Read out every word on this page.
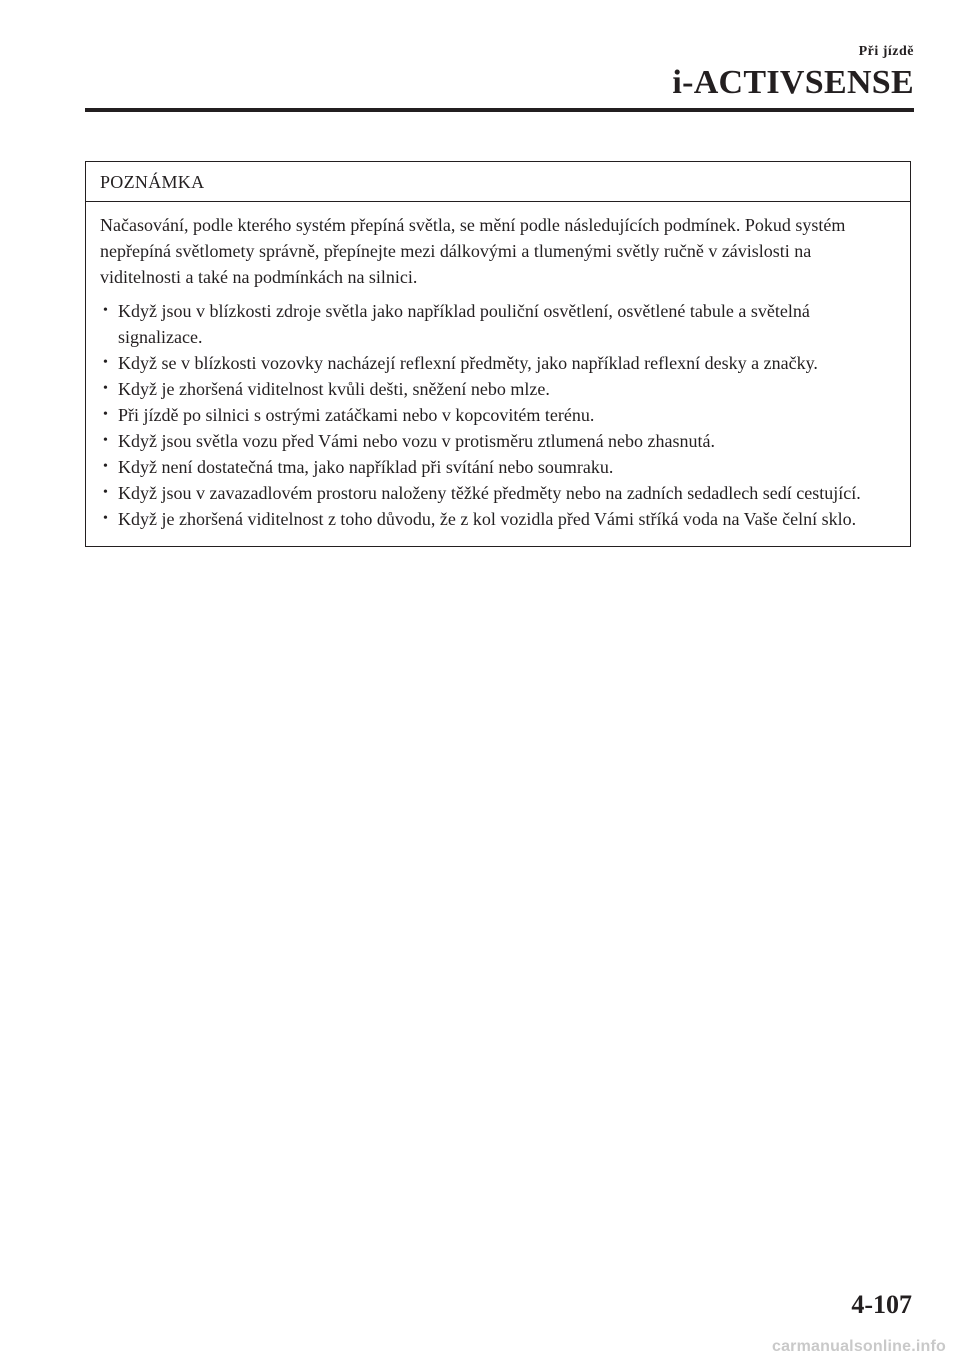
Při jízdě
i-ACTIVSENSE
POZNÁMKA

Načasování, podle kterého systém přepíná světla, se mění podle následujících podmínek. Pokud systém nepřepíná světlomety správně, přepínejte mezi dálkovými a tlumenými světly ručně v závislosti na viditelnosti a také na podmínkách na silnici.

• Když jsou v blízkosti zdroje světla jako například pouliční osvětlení, osvětlené tabule a světelná signalizace.
• Když se v blízkosti vozovky nacházejí reflexní předměty, jako například reflexní desky a značky.
• Když je zhoršená viditelnost kvůli dešti, sněžení nebo mlze.
• Při jízdě po silnici s ostrými zatáčkami nebo v kopcovitém terénu.
• Když jsou světla vozu před Vámi nebo vozu v protisměru ztlumená nebo zhasnutá.
• Když není dostatečná tma, jako například při svítání nebo soumraku.
• Když jsou v zavazadlovém prostoru naloženy těžké předměty nebo na zadních sedadlech sedí cestující.
• Když je zhoršená viditelnost z toho důvodu, že z kol vozidla před Vámi stříká voda na Vaše čelní sklo.
4-107
carmanualsonline.info
